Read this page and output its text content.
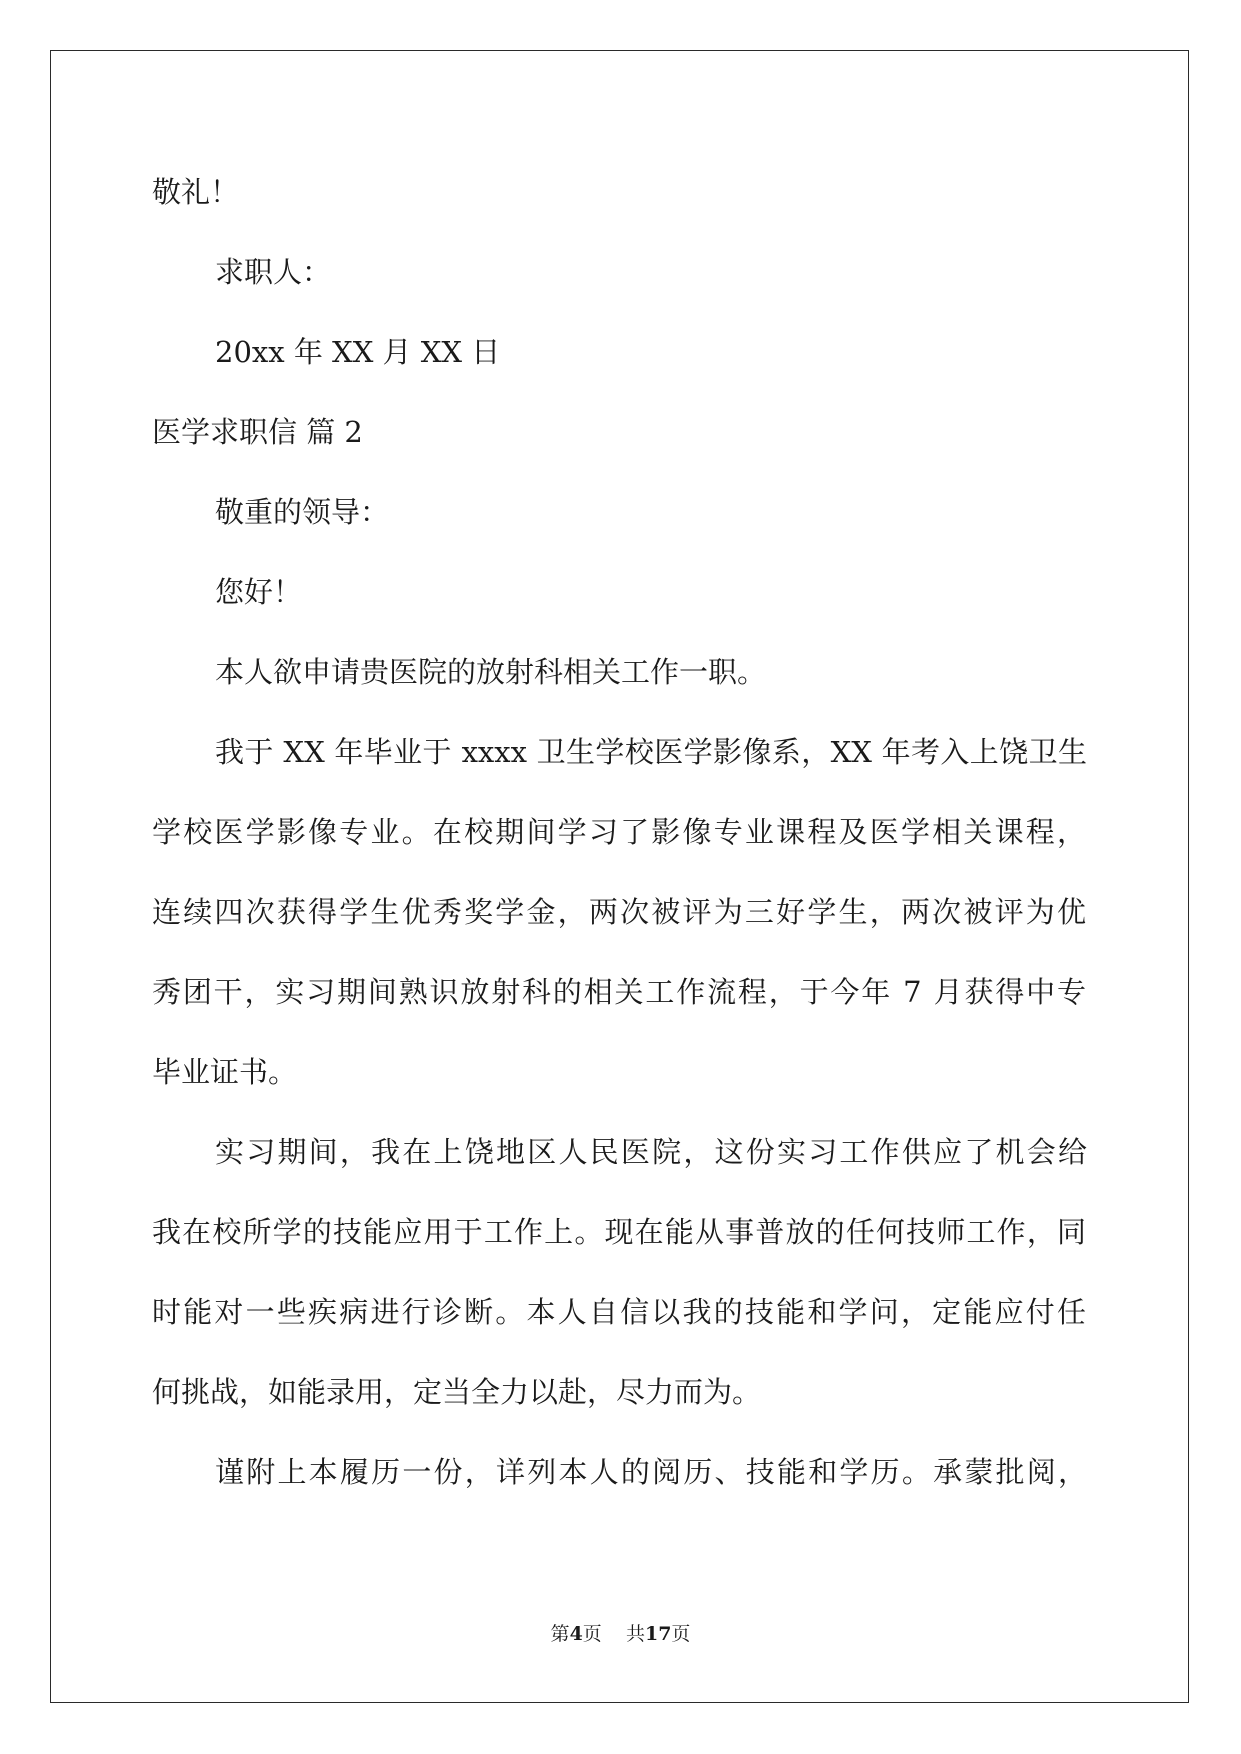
敬礼！
求职人：
20xx 年 XX 月 XX 日
医学求职信 篇 2
敬重的领导：
您好！
本人欲申请贵医院的放射科相关工作一职。
我于 XX 年毕业于 xxxx 卫生学校医学影像系，XX 年考入上饶卫生
学校医学影像专业。在校期间学习了影像专业课程及医学相关课程，
连续四次获得学生优秀奖学金，两次被评为三好学生，两次被评为优
秀团干，实习期间熟识放射科的相关工作流程，于今年 7 月获得中专
毕业证书。
实习期间，我在上饶地区人民医院，这份实习工作供应了机会给
我在校所学的技能应用于工作上。现在能从事普放的任何技师工作，同
时能对一些疾病进行诊断。本人自信以我的技能和学问，定能应付任
何挑战，如能录用，定当全力以赴，尽力而为。
谨附上本履历一份，详列本人的阅历、技能和学历。承蒙批阅，
第4页    共17页
